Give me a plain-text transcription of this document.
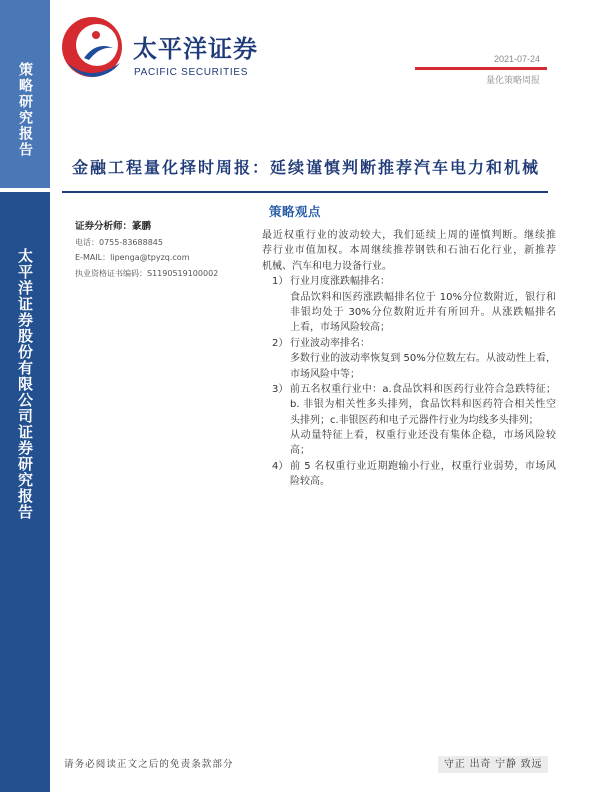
策略研究报告
太平洋证券股份有限公司证券研究报告
太平洋证券
PACIFIC SECURITIES
2021-07-24
量化策略周报
金融工程量化择时周报：延续谨慎判断推荐汽车电力和机械
证券分析师：篆鹏
电话：0755-83688845
E-MAIL：lipenga@tpyzq.com
执业资格证书编码：S1190519100002
策略观点
最近权重行业的波动较大，我们延续上周的谨慎判断。继续推
荐行业市值加权。本周继续推荐钢铁和石油石化行业，新推荐
机械、汽车和电力设备行业。
1） 行业月度涨跌幅排名：
食品饮料和医药涨跌幅排名位于 10%分位数附近，银行和
非银均处于 30%分位数附近并有所回升。从涨跌幅排名
上看，市场风险较高；
2） 行业波动率排名：
多数行业的波动率恢复到 50%分位数左右。从波动性上看，
市场风险中等；
3） 前五名权重行业中：a.食品饮料和医药行业符合急跌特征；
b. 非银为相关性多头排列，食品饮料和医药符合相关性空
头排列；c.非银医药和电子元器件行业为均线多头排列；
从动量特征上看，权重行业还没有集体企稳，市场风险较
高；
4） 前 5 名权重行业近期跑输小行业，权重行业弱势，市场风
险较高。
请务必阅读正文之后的免责条款部分	守正 出奇 宁静 致远
